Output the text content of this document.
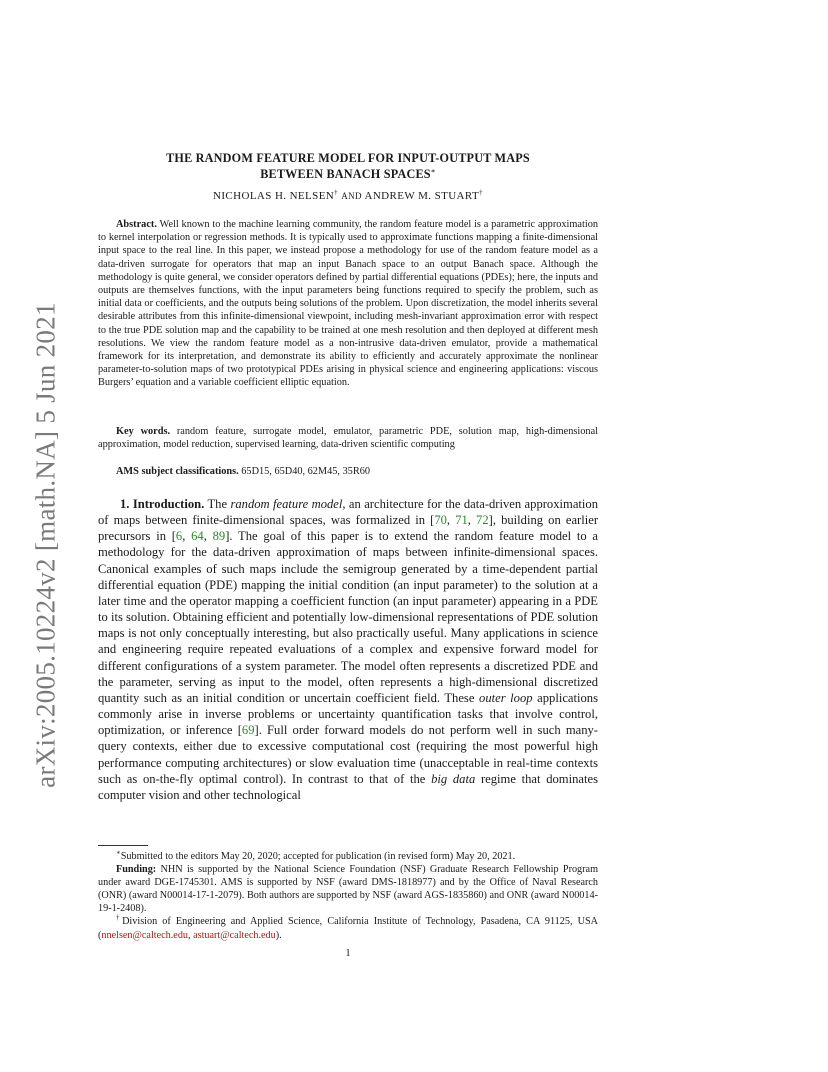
arXiv:2005.10224v2 [math.NA] 5 Jun 2021
THE RANDOM FEATURE MODEL FOR INPUT-OUTPUT MAPS
BETWEEN BANACH SPACES∗
NICHOLAS H. NELSEN† AND ANDREW M. STUART†
Abstract. Well known to the machine learning community, the random feature model is a parametric approximation to kernel interpolation or regression methods. It is typically used to approximate functions mapping a finite-dimensional input space to the real line. In this paper, we instead propose a methodology for use of the random feature model as a data-driven surrogate for operators that map an input Banach space to an output Banach space. Although the methodology is quite general, we consider operators defined by partial differential equations (PDEs); here, the inputs and outputs are themselves functions, with the input parameters being functions required to specify the problem, such as initial data or coefficients, and the outputs being solutions of the problem. Upon discretization, the model inherits several desirable attributes from this infinite-dimensional viewpoint, including mesh-invariant approximation error with respect to the true PDE solution map and the capability to be trained at one mesh resolution and then deployed at different mesh resolutions. We view the random feature model as a non-intrusive data-driven emulator, provide a mathematical framework for its interpretation, and demonstrate its ability to efficiently and accurately approximate the nonlinear parameter-to-solution maps of two prototypical PDEs arising in physical science and engineering applications: viscous Burgers’ equation and a variable coefficient elliptic equation.
Key words. random feature, surrogate model, emulator, parametric PDE, solution map, high-dimensional approximation, model reduction, supervised learning, data-driven scientific computing
AMS subject classifications. 65D15, 65D40, 62M45, 35R60
1. Introduction. The random feature model, an architecture for the data-driven approximation of maps between finite-dimensional spaces, was formalized in [70, 71, 72], building on earlier precursors in [6, 64, 89]. The goal of this paper is to extend the random feature model to a methodology for the data-driven approximation of maps between infinite-dimensional spaces. Canonical examples of such maps include the semigroup generated by a time-dependent partial differential equation (PDE) mapping the initial condition (an input parameter) to the solution at a later time and the operator mapping a coefficient function (an input parameter) appearing in a PDE to its solution. Obtaining efficient and potentially low-dimensional representations of PDE solution maps is not only conceptually interesting, but also practically useful. Many applications in science and engineering require repeated evaluations of a complex and expensive forward model for different configurations of a system parameter. The model often represents a discretized PDE and the parameter, serving as input to the model, often represents a high-dimensional discretized quantity such as an initial condition or uncertain coefficient field. These outer loop applications commonly arise in inverse problems or uncertainty quantification tasks that involve control, optimization, or inference [69]. Full order forward models do not perform well in such many-query contexts, either due to excessive computational cost (requiring the most powerful high performance computing architectures) or slow evaluation time (unacceptable in real-time contexts such as on-the-fly optimal control). In contrast to that of the big data regime that dominates computer vision and other technological

∗Submitted to the editors May 20, 2020; accepted for publication (in revised form) May 20, 2021.

Funding: NHN is supported by the National Science Foundation (NSF) Graduate Research Fellowship Program under award DGE-1745301. AMS is supported by NSF (award DMS-1818977) and by the Office of Naval Research (ONR) (award N00014-17-1-2079). Both authors are supported by NSF (award AGS-1835860) and ONR (award N00014-19-1-2408).

†Division of Engineering and Applied Science, California Institute of Technology, Pasadena, CA 91125, USA (nnelsen@caltech.edu, astuart@caltech.edu).

1
